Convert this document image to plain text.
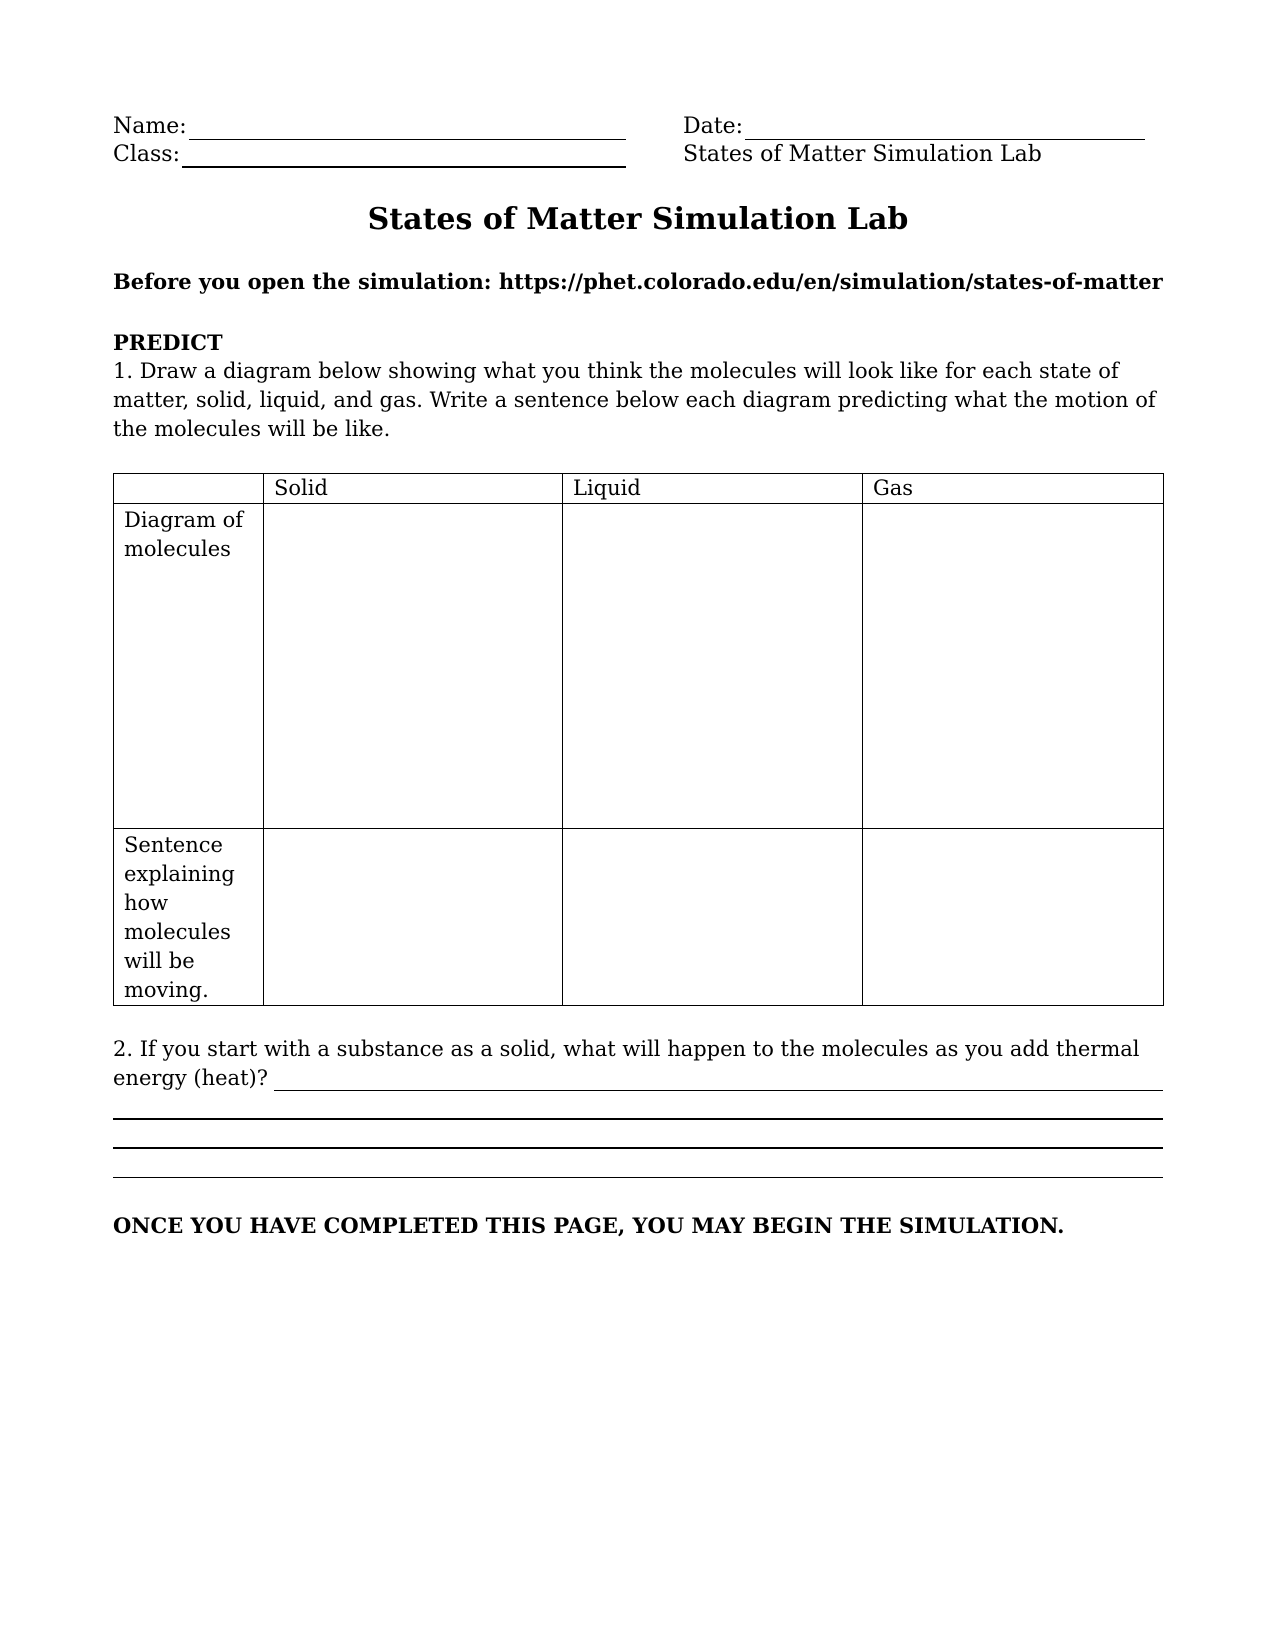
Name:
Class:
Date:
States of Matter Simulation Lab
States of Matter Simulation Lab
Before you open the simulation: https://phet.colorado.edu/en/simulation/states-of-matter
PREDICT
1. Draw a diagram below showing what you think the molecules will look like for each state of matter, solid, liquid, and gas. Write a sentence below each diagram predicting what the motion of the molecules will be like.
	Solid	Liquid	Gas
Diagram of molecules			
Sentence explaining how molecules will be moving.			
2. If you start with a substance as a solid, what will happen to the molecules as you add thermal energy (heat)?
ONCE YOU HAVE COMPLETED THIS PAGE, YOU MAY BEGIN THE SIMULATION.
